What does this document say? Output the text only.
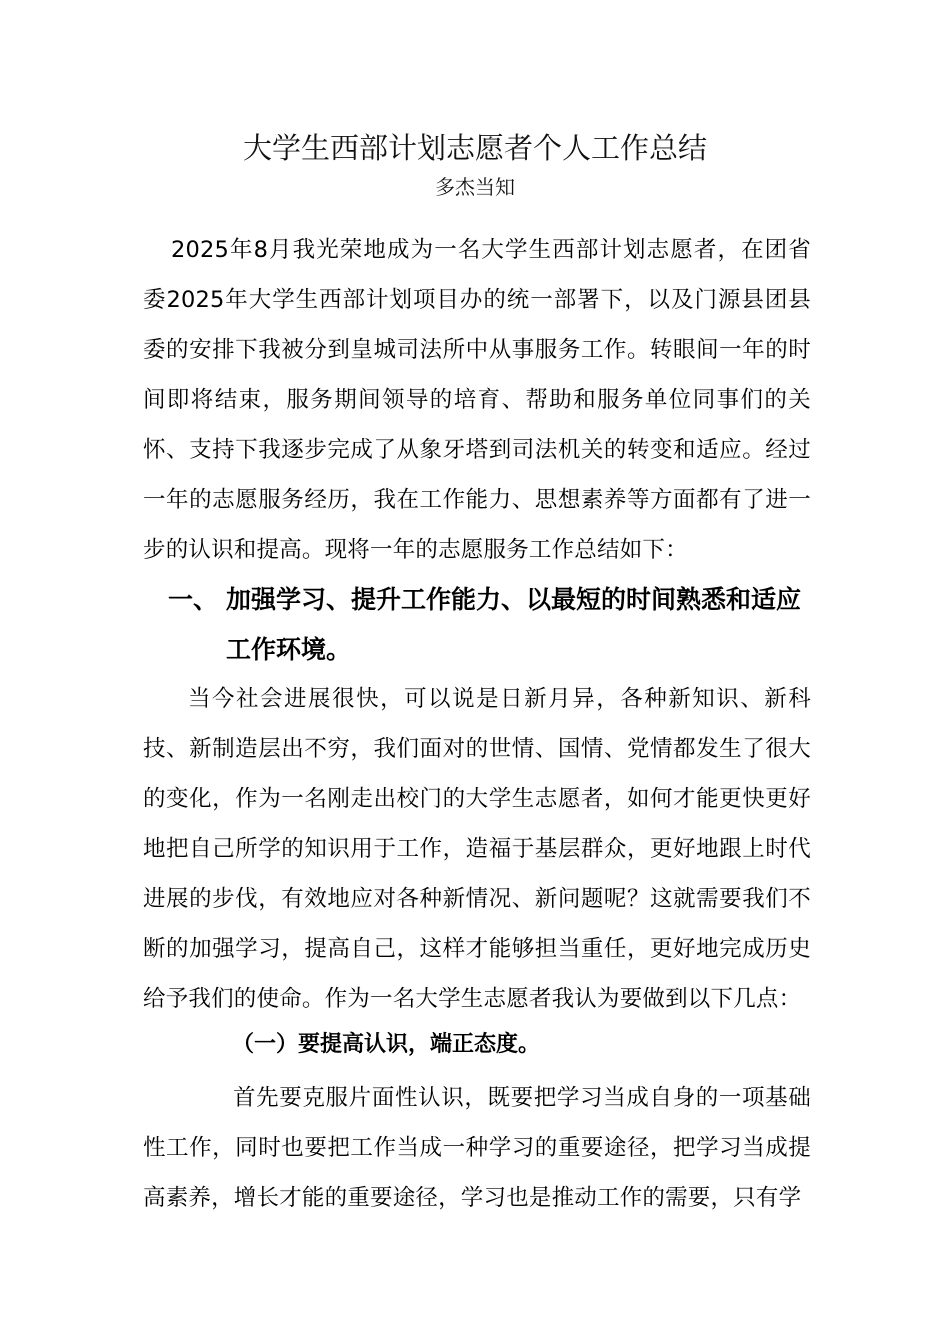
大学生西部计划志愿者个人工作总结
多杰当知

2025年8月我光荣地成为一名大学生西部计划志愿者，在团省委2025年大学生西部计划项目办的统一部署下，以及门源县团县委的安排下我被分到皇城司法所中从事服务工作。转眼间一年的时间即将结束，服务期间领导的培育、帮助和服务单位同事们的关怀、支持下我逐步完成了从象牙塔到司法机关的转变和适应。经过一年的志愿服务经历，我在工作能力、思想素养等方面都有了进一步的认识和提高。现将一年的志愿服务工作总结如下：

一、 加强学习、提升工作能力、以最短的时间熟悉和适应工作环境。

当今社会进展很快，可以说是日新月异，各种新知识、新科技、新制造层出不穷，我们面对的世情、国情、党情都发生了很大的变化，作为一名刚走出校门的大学生志愿者，如何才能更快更好地把自己所学的知识用于工作，造福于基层群众，更好地跟上时代进展的步伐，有效地应对各种新情况、新问题呢？这就需要我们不断的加强学习，提高自己，这样才能够担当重任，更好地完成历史给予我们的使命。作为一名大学生志愿者我认为要做到以下几点：

（一）要提高认识，端正态度。

首先要克服片面性认识，既要把学习当成自身的一项基础性工作，同时也要把工作当成一种学习的重要途径，把学习当成提高素养，增长才能的重要途径，学习也是推动工作的需要，只有学
